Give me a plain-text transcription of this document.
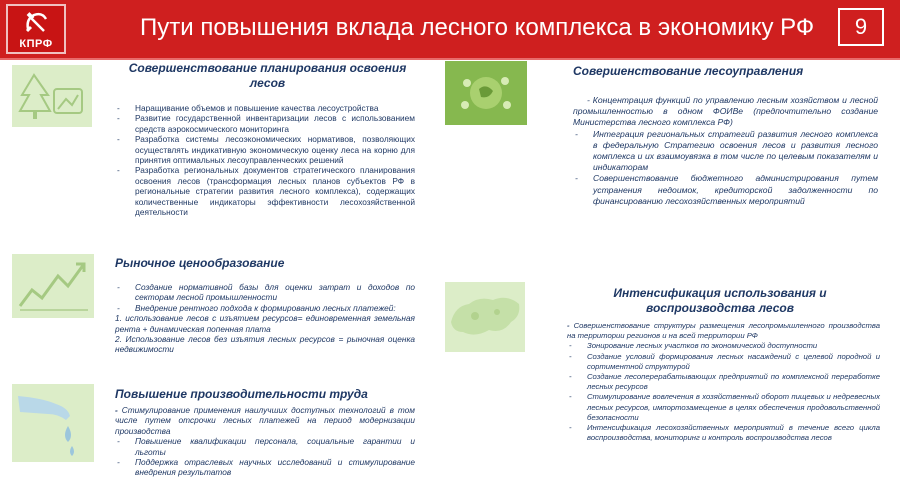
КПРФ
Пути повышения вклада лесного комплекса в экономику РФ	9
Совершенствование планирования освоения лесов

- Наращивание объемов и повышение качества лесоустройства

- Развитие государственной инвентаризации лесов с использованием средств аэрокосмического мониторинга

- Разработка системы лесоэкономических нормативов, позволяющих осуществлять индикативную экономическую оценку леса на корню для принятия оптимальных лесоуправленческих решений

- Разработка региональных документов стратегического планирования освоения лесов (трансформация лесных планов субъектов РФ в региональные стратегии развития лесного комплекса), содержащих количественные индикаторы эффективности лесохозяйственной деятельности

Совершенствование лесоуправления

- Концентрация функций по управлению лесным хозяйством и лесной промышленностью в одном ФОИВе (предпочтительно создание Министерства лесного комплекса РФ)

- Интеграция региональных стратегий развития лесного комплекса в федеральную Стратегию освоения лесов и развития лесного комплекса и их взаимоувязка в том числе по целевым показателям и индикаторам

- Совершенствование бюджетного администрирования путем устранения недоимок, кредиторской задолженности по финансированию лесохозяйственных мероприятий

Рыночное ценообразование

- Создание нормативной базы для оценки затрат и доходов по секторам лесной промышленности

- Внедрение рентного подхода к формированию лесных платежей:

1. использование лесов с изъятием ресурсов= единовременная земельная рента + динамическая попенная плата

2. Использование лесов без изъятия лесных ресурсов = рыночная оценка недвижимости

Интенсификация использования и воспроизводства лесов

- Совершенствование структуры размещения лесопромышленного производства на территории регионов и на всей территории РФ

- Зонирование лесных участков по экономической доступности

- Создание условий формирования лесных насаждений с целевой породной и сортиментной структурой

- Создание лесоперерабатывающих предприятий по комплексной переработке лесных ресурсов

- Стимулирование вовлечения в хозяйственный оборот пищевых и недревесных лесных ресурсов, импортозамещение в целях обеспечения продовольственной безопасности

- Интенсификация лесохозяйственных мероприятий в течение всего цикла воспроизводства, мониторинг и контроль воспроизводства лесов

Повышение производительности труда

- Стимулирование применения наилучших доступных технологий в том числе путем отсрочки лесных платежей на период модернизации производства

- Повышение квалификации персонала, социальные гарантии и льготы

- Поддержка отраслевых научных исследований и стимулирование внедрения результатов
